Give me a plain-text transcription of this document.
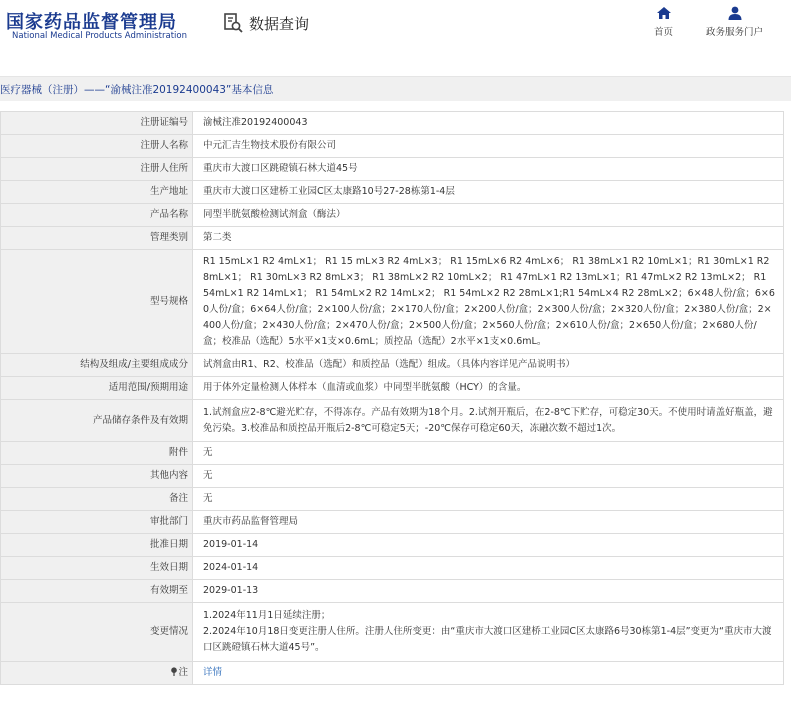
国家药品监督管理局
National Medical Products Administration
数据查询	首页	政务服务门户
医疗器械（注册）——“渝械注准20192400043”基本信息
注册证编号	渝械注准20192400043
注册人名称	中元汇吉生物技术股份有限公司
注册人住所	重庆市大渡口区跳磴镇石林大道45号
生产地址	重庆市大渡口区建桥工业园C区太康路10号27-28栋第1-4层
产品名称	同型半胱氨酸检测试剂盒（酶法）
管理类别	第二类
型号规格	R1 15mL×1 R2 4mL×1； R1 15 mL×3 R2 4mL×3； R1 15mL×6 R2 4mL×6； R1 38mL×1 R2 10mL×1；R1 30mL×1 R2 8mL×1； R1 30mL×3 R2 8mL×3； R1 38mL×2 R2 10mL×2； R1 47mL×1 R2 13mL×1；R1 47mL×2 R2 13mL×2； R1 54mL×1 R2 14mL×1； R1 54mL×2 R2 14mL×2； R1 54mL×2 R2 28mL×1;R1 54mL×4 R2 28mL×2；6×48人份/盒；6×60人份/盒；6×64人份/盒；2×100人份/盒；2×170人份/盒；2×200人份/盒；2×300人份/盒；2×320人份/盒；2×380人份/盒；2×400人份/盒；2×430人份/盒；2×470人份/盒；2×500人份/盒；2×560人份/盒；2×610人份/盒；2×650人份/盒；2×680人份/盒；校准品（选配）5水平×1支×0.6mL；质控品（选配）2水平×1支×0.6mL。
结构及组成/主要组成成分	试剂盒由R1、R2、校准品（选配）和质控品（选配）组成。（具体内容详见产品说明书）
适用范围/预期用途	用于体外定量检测人体样本（血清或血浆）中同型半胱氨酸（HCY）的含量。
产品储存条件及有效期	1.试剂盒应2-8℃避光贮存，不得冻存。产品有效期为18个月。2.试剂开瓶后，在2-8℃下贮存，可稳定30天。不使用时请盖好瓶盖，避免污染。3.校准品和质控品开瓶后2-8℃可稳定5天；-20℃保存可稳定60天，冻融次数不超过1次。
附件	无
其他内容	无
备注	无
审批部门	重庆市药品监督管理局
批准日期	2019-01-14
生效日期	2024-01-14
有效期至	2029-01-13
变更情况	1.2024年11月1日延续注册；
2.2024年10月18日变更注册人住所。注册人住所变更：由“重庆市大渡口区建桥工业园C区太康路6号30栋第1-4层”变更为“重庆市大渡口区跳磴镇石林大道45号”。
注	详情
